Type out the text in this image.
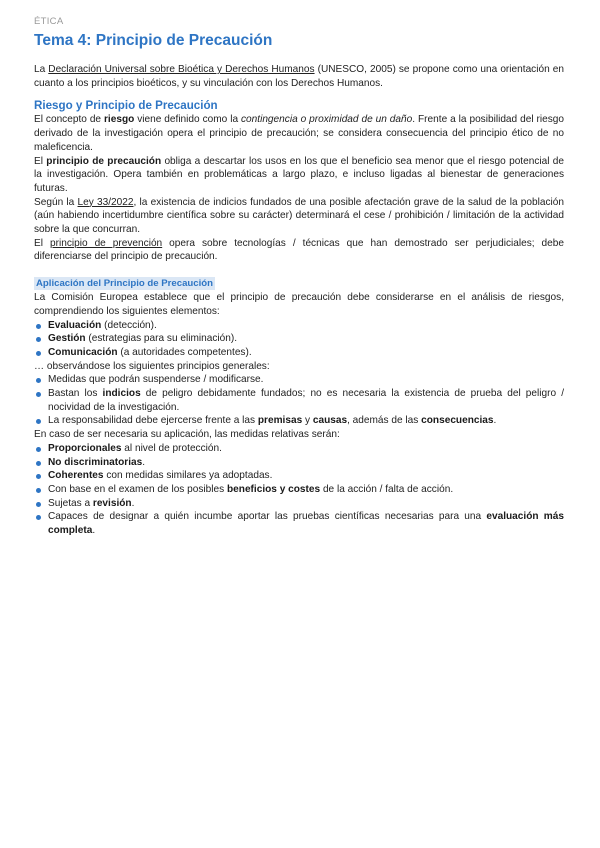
ÉTICA
Tema 4: Principio de Precaución

La Declaración Universal sobre Bioética y Derechos Humanos (UNESCO, 2005) se propone como una orientación en cuanto a los principios bioéticos, y su vinculación con los Derechos Humanos.

Riesgo y Principio de Precaución

El concepto de riesgo viene definido como la contingencia o proximidad de un daño. Frente a la posibilidad del riesgo derivado de la investigación opera el principio de precaución; se considera consecuencia del principio ético de no maleficencia.

El principio de precaución obliga a descartar los usos en los que el beneficio sea menor que el riesgo potencial de la investigación. Opera también en problemáticas a largo plazo, e incluso ligadas al bienestar de generaciones futuras.

Según la Ley 33/2022, la existencia de indicios fundados de una posible afectación grave de la salud de la población (aún habiendo incertidumbre científica sobre su carácter) determinará el cese / prohibición / limitación de la actividad sobre la que concurran.

El principio de prevención opera sobre tecnologías / técnicas que han demostrado ser perjudiciales; debe diferenciarse del principio de precaución.

Aplicación del Principio de Precaución

La Comisión Europea establece que el principio de precaución debe considerarse en el análisis de riesgos, comprendiendo los siguientes elementos:

Evaluación (detección).
Gestión (estrategias para su eliminación).
Comunicación (a autoridades competentes).

… observándose los siguientes principios generales:

Medidas que podrán suspenderse / modificarse.
Bastan los indicios de peligro debidamente fundados; no es necesaria la existencia de prueba del peligro / nocividad de la investigación.
La responsabilidad debe ejercerse frente a las premisas y causas, además de las consecuencias.

En caso de ser necesaria su aplicación, las medidas relativas serán:

Proporcionales al nivel de protección.
No discriminatorias.
Coherentes con medidas similares ya adoptadas.
Con base en el examen de los posibles beneficios y costes de la acción / falta de acción.
Sujetas a revisión.
Capaces de designar a quién incumbe aportar las pruebas científicas necesarias para una evaluación más completa.
